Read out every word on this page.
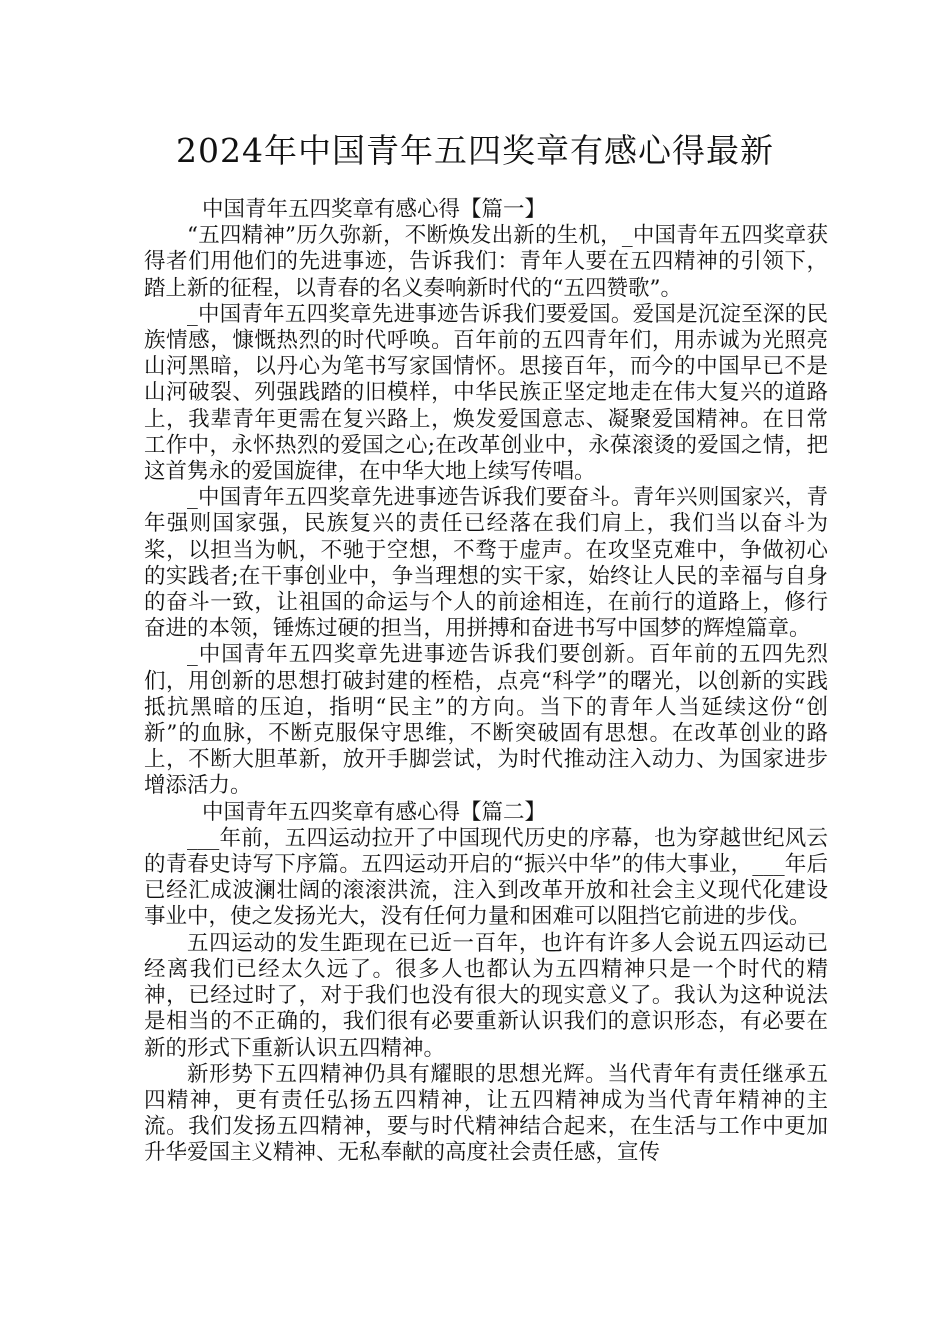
2024年中国青年五四奖章有感心得最新

中国青年五四奖章有感心得【篇一】

“五四精神”历久弥新，不断焕发出新的生机，_中国青年五四奖章获得者们用他们的先进事迹，告诉我们：青年人要在五四精神的引领下，踏上新的征程，以青春的名义奏响新时代的“五四赞歌”。

_中国青年五四奖章先进事迹告诉我们要爱国。爱国是沉淀至深的民族情感，慷慨热烈的时代呼唤。百年前的五四青年们，用赤诚为光照亮山河黑暗，以丹心为笔书写家国情怀。思接百年，而今的中国早已不是山河破裂、列强践踏的旧模样，中华民族正坚定地走在伟大复兴的道路上，我辈青年更需在复兴路上，焕发爱国意志、凝聚爱国精神。在日常工作中，永怀热烈的爱国之心;在改革创业中，永葆滚烫的爱国之情，把这首隽永的爱国旋律，在中华大地上续写传唱。

_中国青年五四奖章先进事迹告诉我们要奋斗。青年兴则国家兴，青年强则国家强，民族复兴的责任已经落在我们肩上，我们当以奋斗为桨，以担当为帆，不驰于空想，不骛于虚声。在攻坚克难中，争做初心的实践者;在干事创业中，争当理想的实干家，始终让人民的幸福与自身的奋斗一致，让祖国的命运与个人的前途相连，在前行的道路上，修行奋进的本领，锤炼过硬的担当，用拼搏和奋进书写中国梦的辉煌篇章。

_中国青年五四奖章先进事迹告诉我们要创新。百年前的五四先烈们，用创新的思想打破封建的桎梏，点亮“科学”的曙光，以创新的实践抵抗黑暗的压迫，指明“民主”的方向。当下的青年人当延续这份“创新”的血脉，不断克服保守思维，不断突破固有思想。在改革创业的路上，不断大胆革新，放开手脚尝试，为时代推动注入动力、为国家进步增添活力。

中国青年五四奖章有感心得【篇二】

___年前，五四运动拉开了中国现代历史的序幕，也为穿越世纪风云的青春史诗写下序篇。五四运动开启的“振兴中华”的伟大事业，___年后已经汇成波澜壮阔的滚滚洪流，注入到改革开放和社会主义现代化建设事业中，使之发扬光大，没有任何力量和困难可以阻挡它前进的步伐。

五四运动的发生距现在已近一百年，也许有许多人会说五四运动已经离我们已经太久远了。很多人也都认为五四精神只是一个时代的精神，已经过时了，对于我们也没有很大的现实意义了。我认为这种说法是相当的不正确的，我们很有必要重新认识我们的意识形态，有必要在新的形式下重新认识五四精神。

新形势下五四精神仍具有耀眼的思想光辉。当代青年有责任继承五四精神，更有责任弘扬五四精神，让五四精神成为当代青年精神的主流。我们发扬五四精神，要与时代精神结合起来，在生活与工作中更加升华爱国主义精神、无私奉献的高度社会责任感，宣传
